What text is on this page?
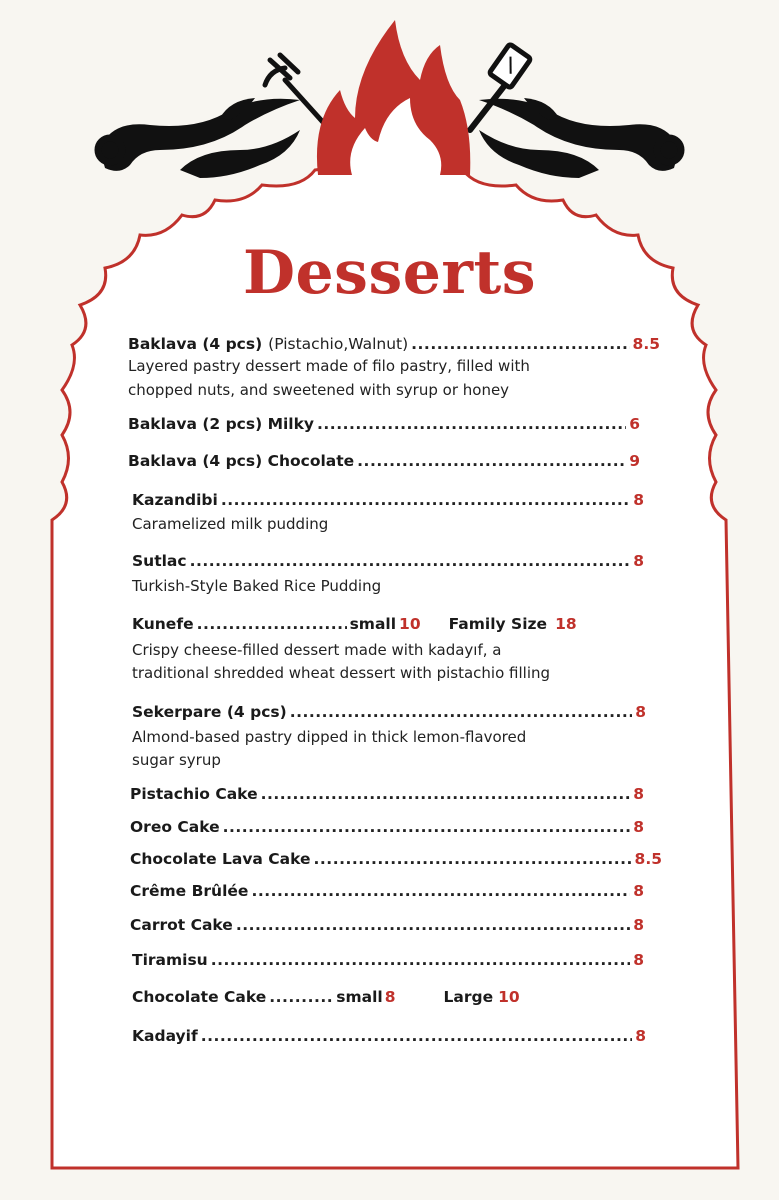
Desserts
Baklava (4 pcs) (Pistachio,Walnut) .....	8.5
Layered pastry dessert made of filo pastry, filled with
chopped nuts, and sweetened with syrup or honey
Baklava (2 pcs) Milky .....	6
Baklava (4 pcs) Chocolate .....	9
Kazandibi .....	8
Caramelized milk pudding
Sutlac .....	8
Turkish-Style Baked Rice Pudding
Kunefe .....	small 10 Family Size 18
Crispy cheese-filled dessert made with kadayıf, a
traditional shredded wheat dessert with pistachio filling
Sekerpare (4 pcs) .....	8
Almond-based pastry dipped in thick lemon-flavored
sugar syrup
Pistachio Cake .....	8
Oreo Cake .....	8
Chocolate Lava Cake .....	8.5
Crême Brûlée .....	8
Carrot Cake .....	8
Tiramisu .....	8
Chocolate Cake .....	small 8	Large 10
Kadayif .....	8
